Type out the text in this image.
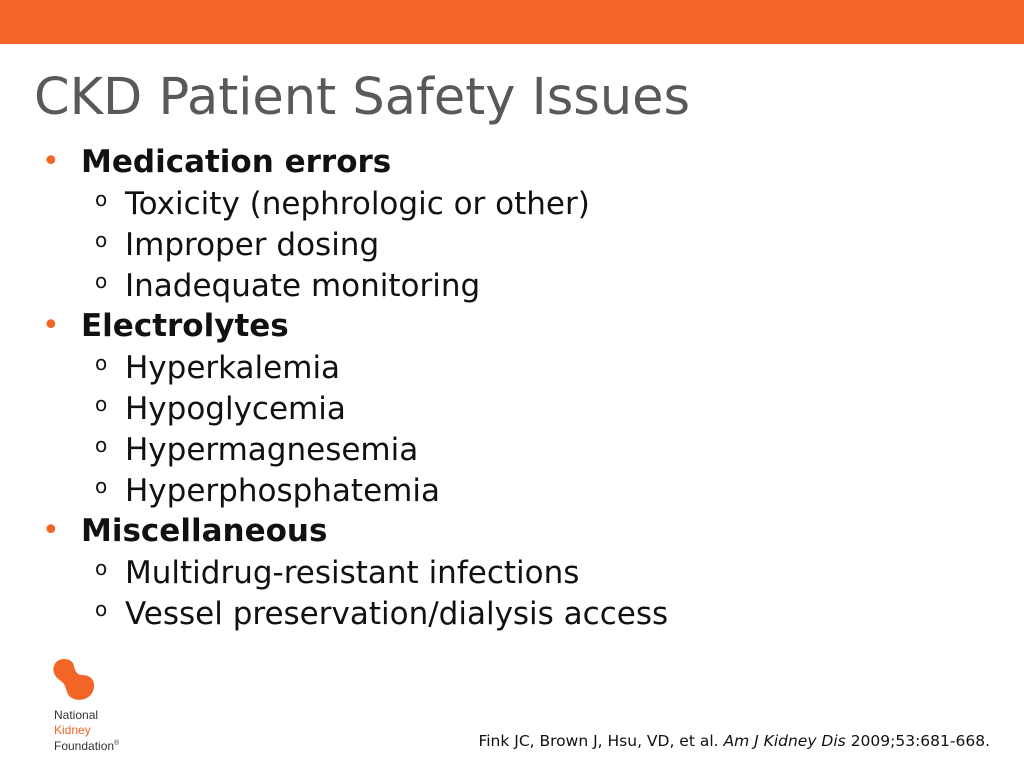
CKD Patient Safety Issues
• Medication errors
o Toxicity (nephrologic or other)
o Improper dosing
o Inadequate monitoring
• Electrolytes
o Hyperkalemia
o Hypoglycemia
o Hypermagnesemia
o Hyperphosphatemia
• Miscellaneous
o Multidrug-resistant infections
o Vessel preservation/dialysis access
National
Kidney
Foundation®	Fink JC, Brown J, Hsu, VD, et al. Am J Kidney Dis 2009;53:681-668.
